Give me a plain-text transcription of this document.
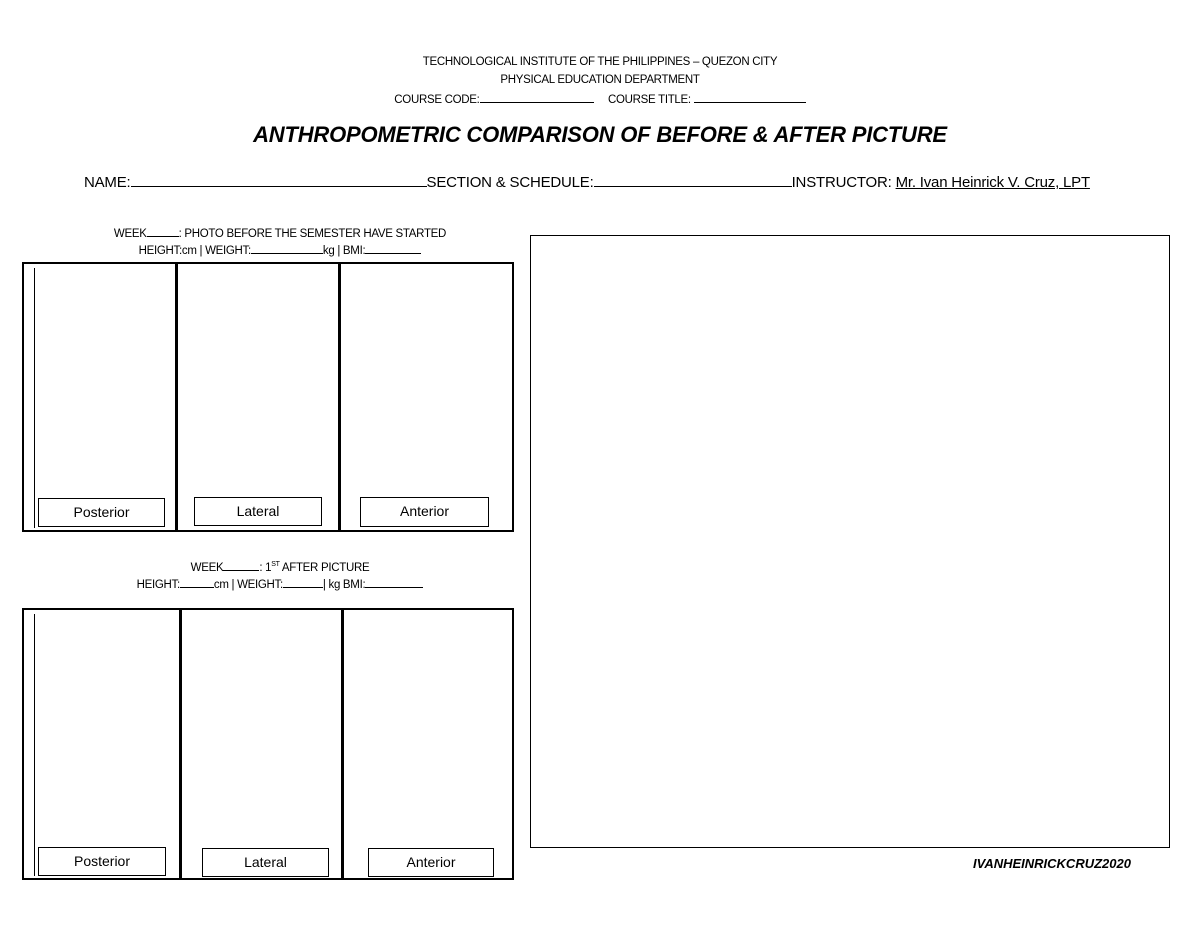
TECHNOLOGICAL INSTITUTE OF THE PHILIPPINES – QUEZON CITY
PHYSICAL EDUCATION DEPARTMENT
COURSE CODE:	COURSE TITLE:
ANTHROPOMETRIC COMPARISON OF BEFORE & AFTER PICTURE
NAME:	SECTION & SCHEDULE:	INSTRUCTOR: Mr. Ivan Heinrick V. Cruz, LPT
WEEK	: PHOTO BEFORE THE SEMESTER HAVE STARTED
HEIGHT:cm | WEIGHT:	kg | BMI:
Posterior	Lateral	Anterior
WEEK	: 1ST AFTER PICTURE
HEIGHT:	cm | WEIGHT:	| kg BMI:
Posterior	Lateral	Anterior	IVANHEINRICKCRUZ2020
